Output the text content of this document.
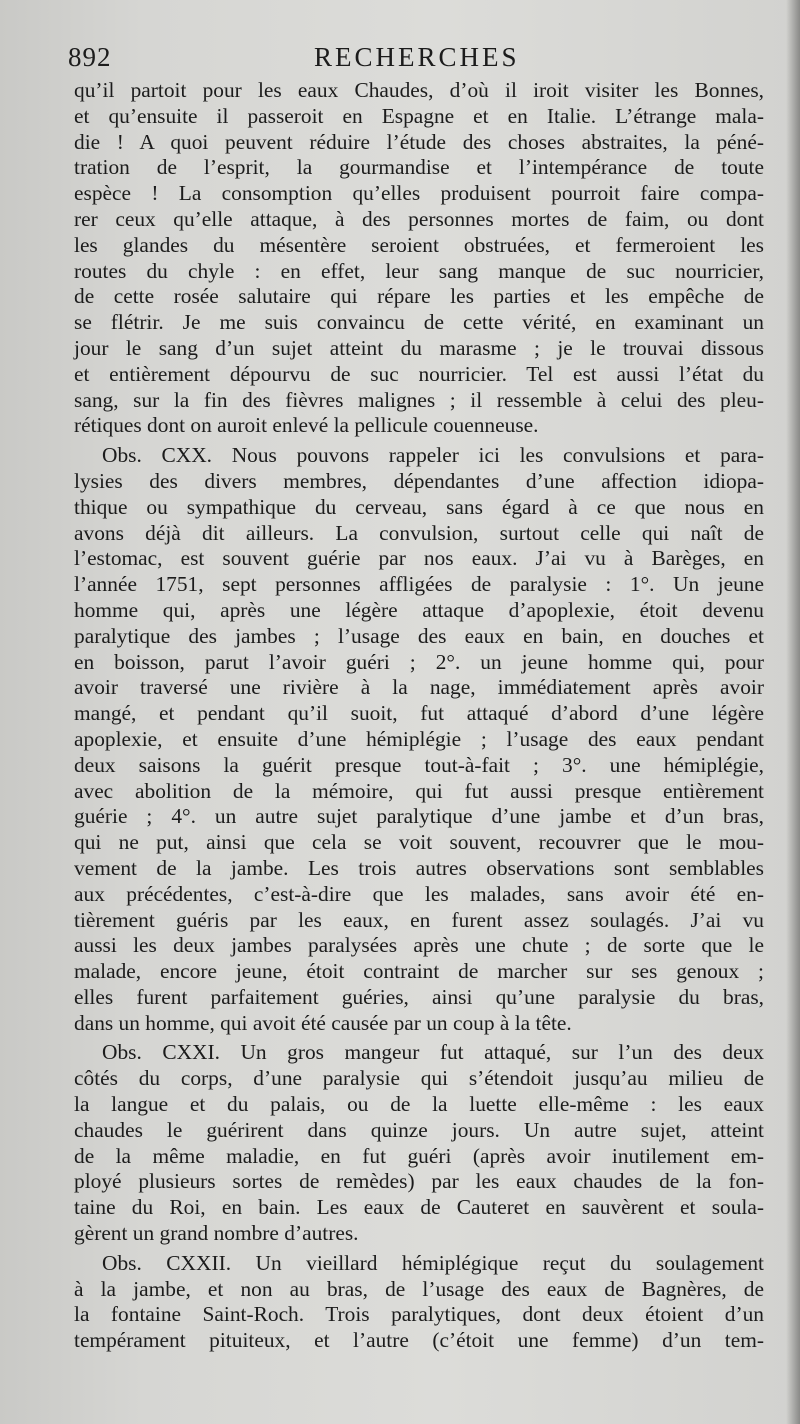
892	RECHERCHES
qu’il partoit pour les eaux Chaudes, d’où il iroit visiter les Bonnes,
et qu’ensuite il passeroit en Espagne et en Italie. L’étrange mala-
die ! A quoi peuvent réduire l’étude des choses abstraites, la péné-
tration de l’esprit, la gourmandise et l’intempérance de toute
espèce ! La consomption qu’elles produisent pourroit faire compa-
rer ceux qu’elle attaque, à des personnes mortes de faim, ou dont
les glandes du mésentère seroient obstruées, et fermeroient les
routes du chyle : en effet, leur sang manque de suc nourricier,
de cette rosée salutaire qui répare les parties et les empêche de
se flétrir. Je me suis convaincu de cette vérité, en examinant un
jour le sang d’un sujet atteint du marasme ; je le trouvai dissous
et entièrement dépourvu de suc nourricier. Tel est aussi l’état du
sang, sur la fin des fièvres malignes ; il ressemble à celui des pleu-
rétiques dont on auroit enlevé la pellicule couenneuse.
Obs. CXX. Nous pouvons rappeler ici les convulsions et para-
lysies des divers membres, dépendantes d’une affection idiopa-
thique ou sympathique du cerveau, sans égard à ce que nous en
avons déjà dit ailleurs. La convulsion, surtout celle qui naît de
l’estomac, est souvent guérie par nos eaux. J’ai vu à Barèges, en
l’année 1751, sept personnes affligées de paralysie : 1°. Un jeune
homme qui, après une légère attaque d’apoplexie, étoit devenu
paralytique des jambes ; l’usage des eaux en bain, en douches et
en boisson, parut l’avoir guéri ; 2°. un jeune homme qui, pour
avoir traversé une rivière à la nage, immédiatement après avoir
mangé, et pendant qu’il suoit, fut attaqué d’abord d’une légère
apoplexie, et ensuite d’une hémiplégie ; l’usage des eaux pendant
deux saisons la guérit presque tout-à-fait ; 3°. une hémiplégie,
avec abolition de la mémoire, qui fut aussi presque entièrement
guérie ; 4°. un autre sujet paralytique d’une jambe et d’un bras,
qui ne put, ainsi que cela se voit souvent, recouvrer que le mou-
vement de la jambe. Les trois autres observations sont semblables
aux précédentes, c’est-à-dire que les malades, sans avoir été en-
tièrement guéris par les eaux, en furent assez soulagés. J’ai vu
aussi les deux jambes paralysées après une chute ; de sorte que le
malade, encore jeune, étoit contraint de marcher sur ses genoux ;
elles furent parfaitement guéries, ainsi qu’une paralysie du bras,
dans un homme, qui avoit été causée par un coup à la tête.
Obs. CXXI. Un gros mangeur fut attaqué, sur l’un des deux
côtés du corps, d’une paralysie qui s’étendoit jusqu’au milieu de
la langue et du palais, ou de la luette elle-même : les eaux
chaudes le guérirent dans quinze jours. Un autre sujet, atteint
de la même maladie, en fut guéri (après avoir inutilement em-
ployé plusieurs sortes de remèdes) par les eaux chaudes de la fon-
taine du Roi, en bain. Les eaux de Cauteret en sauvèrent et soula-
gèrent un grand nombre d’autres.
Obs. CXXII. Un vieillard hémiplégique reçut du soulagement
à la jambe, et non au bras, de l’usage des eaux de Bagnères, de
la fontaine Saint-Roch. Trois paralytiques, dont deux étoient d’un
tempérament pituiteux, et l’autre (c’étoit une femme) d’un tem-
